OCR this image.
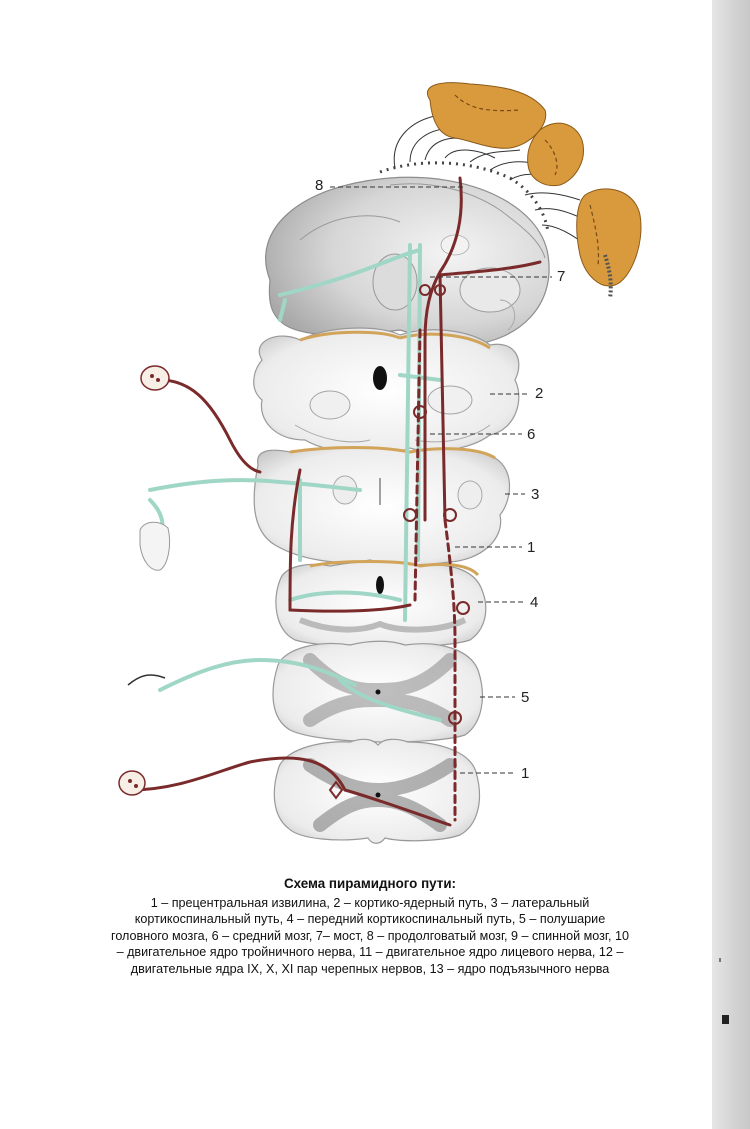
8
7
2
6
3
1
4
5
1
Схема пирамидного пути:
1 – прецентральная извилина, 2 – кортико-ядерный путь, 3 – латеральный кортикоспинальный путь, 4 – передний кортикоспинальный путь, 5 – полушарие головного мозга, 6 – средний мозг, 7– мост, 8 – продолговатый мозг, 9 – спинной мозг, 10 – двигательное ядро тройничного нерва, 11 – двигательное ядро лицевого нерва, 12 – двигательные ядра IX, X, XI пар черепных нервов, 13 – ядро подъязычного нерва
